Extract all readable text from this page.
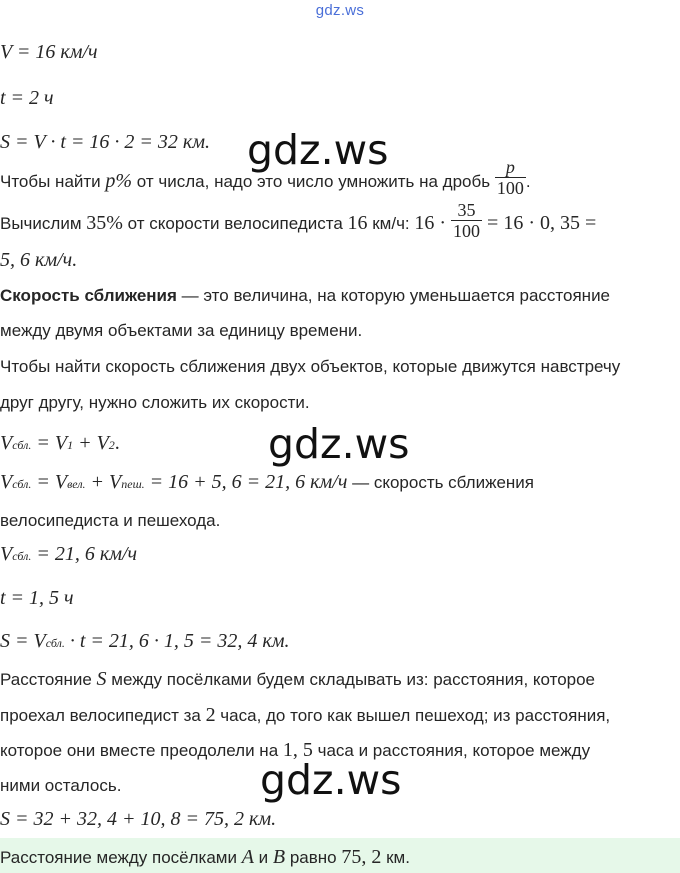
gdz.ws
V = 16 км/ч
t = 2 ч
S = V · t = 16 · 2 = 32 км.
Чтобы найти p% от числа, надо это число умножить на дробь $\frac{p}{100}$ .
Вычислим 35% от скорости велосипедиста 16 км/ч: $16 \cdot \frac{35}{100} = 16 \cdot 0$, 35 =
5, 6 км/ч.
Скорость сближения — это величина, на которую уменьшается расстояние
между двумя объектами за единицу времени.
Чтобы найти скорость сближения двух объектов, которые движутся навстречу
друг другу, нужно сложить их скорости.
Vсбл. = V1 + V2.
Vсбл. = Vвел. + Vпеш. = 16 + 5, 6 = 21, 6 км/ч — скорость сближения
велосипедиста и пешехода.
Vсбл. = 21, 6 км/ч
t = 1, 5 ч
S = Vсбл. · t = 21, 6 · 1, 5 = 32, 4 км.
Расстояние S между посёлками будем складывать из: расстояния, которое
проехал велосипедист за 2 часа, до того как вышел пешеход; из расстояния,
которое они вместе преодолели на 1, 5 часа и расстояния, которое между
ними осталось.
S = 32 + 32, 4 + 10, 8 = 75, 2 км.
Расстояние между посёлками A и B равно 75, 2 км.
gdz.ws
gdz.ws
gdz.ws
